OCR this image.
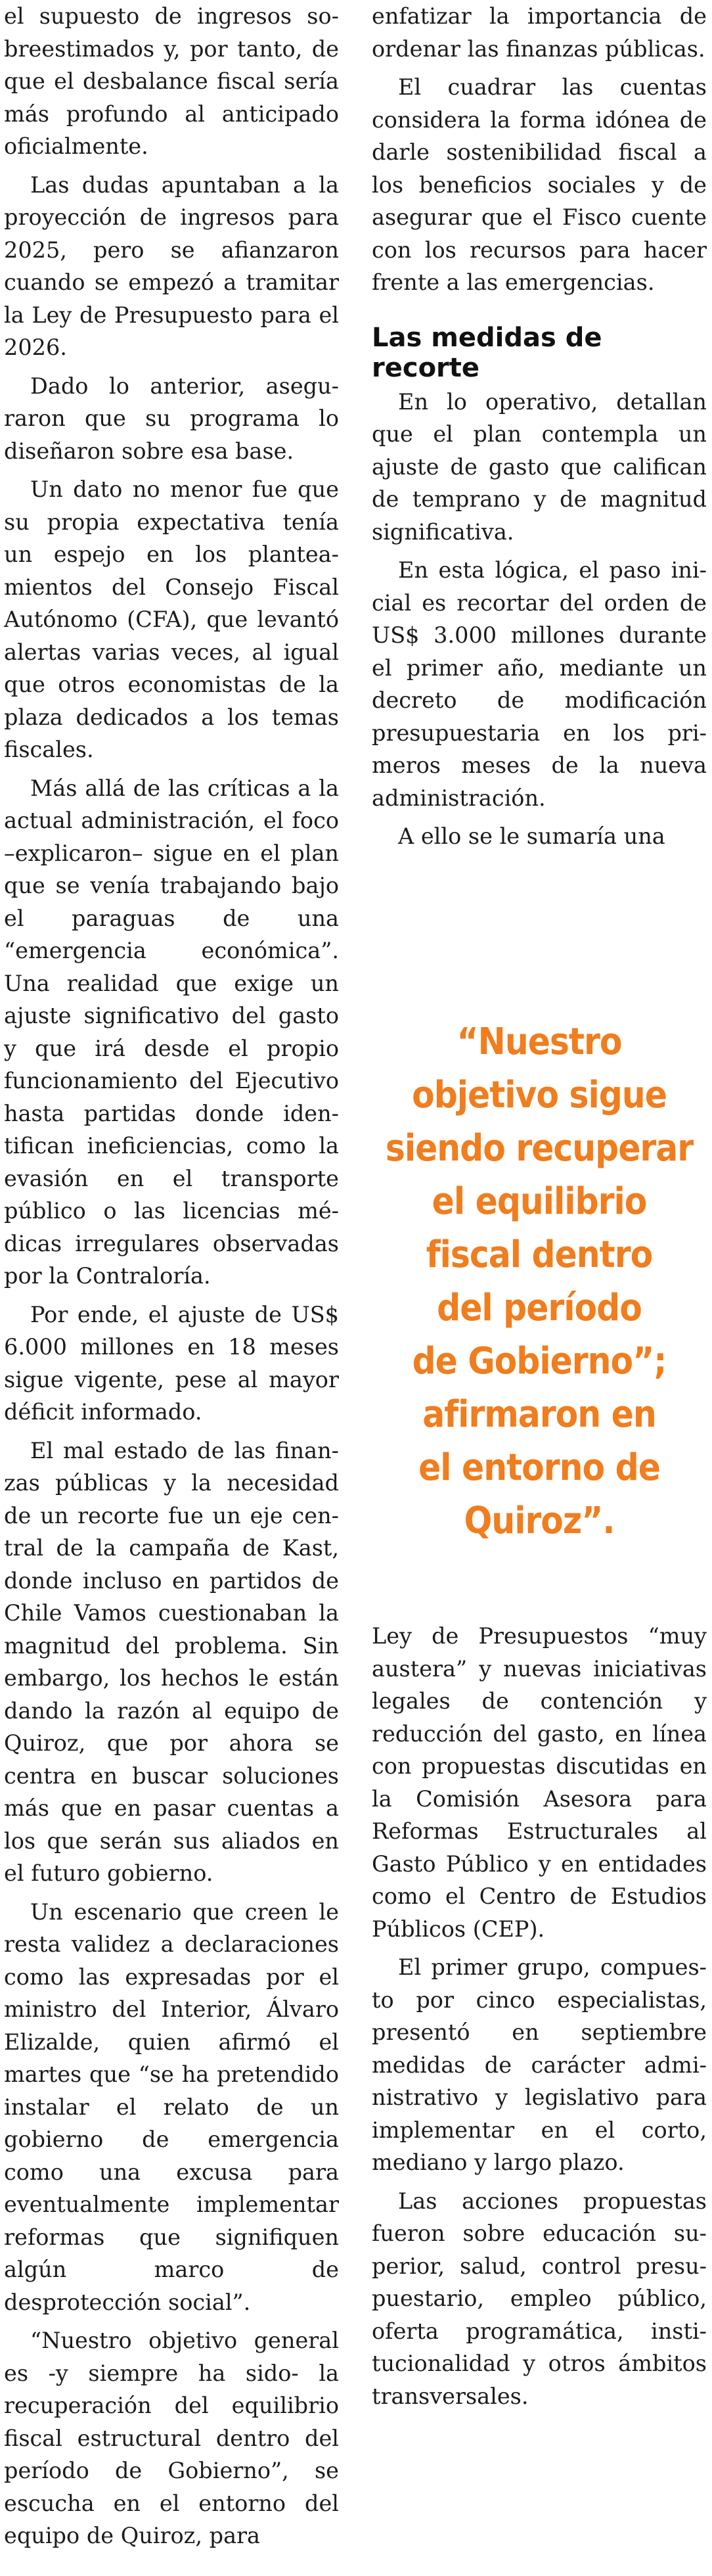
el supuesto de ingresos sobreestimados y, por tanto, de que el desbalance fiscal sería más profundo al anticipado oficialmente.

Las dudas apuntaban a la proyección de ingresos para 2025, pero se afianzaron cuando se empezó a tramitar la Ley de Presupuesto para el 2026.

Dado lo anterior, aseguraron que su programa lo diseñaron sobre esa base.

Un dato no menor fue que su propia expectativa tenía un espejo en los planteamientos del Consejo Fiscal Autónomo (CFA), que levantó alertas varias veces, al igual que otros economistas de la plaza dedicados a los temas fiscales.

Más allá de las críticas a la actual administración, el foco –explicaron– sigue en el plan que se venía trabajando bajo el paraguas de una “emergencia económica”. Una realidad que exige un ajuste significativo del gasto y que irá desde el propio funcionamiento del Ejecutivo hasta partidas donde identifican ineficiencias, como la evasión en el transporte público o las licencias médicas irregulares observadas por la Contraloría.

Por ende, el ajuste de US$ 6.000 millones en 18 meses sigue vigente, pese al mayor déficit informado.

El mal estado de las finanzas públicas y la necesidad de un recorte fue un eje central de la campaña de Kast, donde incluso en partidos de Chile Vamos cuestionaban la magnitud del problema. Sin embargo, los hechos le están dando la razón al equipo de Quiroz, que por ahora se centra en buscar soluciones más que en pasar cuentas a los que serán sus aliados en el futuro gobierno.

Un escenario que creen le resta validez a declaraciones como las expresadas por el ministro del Interior, Álvaro Elizalde, quien afirmó el martes que “se ha pretendido instalar el relato de un gobierno de emergencia como una excusa para eventualmente implementar reformas que signifiquen algún marco de desprotección social”.

“Nuestro objetivo general es -y siempre ha sido- la recuperación del equilibrio fiscal estructural dentro del período de Gobierno”, se escucha en el entorno del equipo de Quiroz, para

enfatizar la importancia de ordenar las finanzas públicas.

El cuadrar las cuentas considera la forma idónea de darle sostenibilidad fiscal a los beneficios sociales y de asegurar que el Fisco cuente con los recursos para hacer frente a las emergencias.

Las medidas de recorte

En lo operativo, detallan que el plan contempla un ajuste de gasto que califican de temprano y de magnitud significativa.

En esta lógica, el paso inicial es recortar del orden de US$ 3.000 millones durante el primer año, mediante un decreto de modificación presupuestaria en los primeros meses de la nueva administración.

A ello se le sumaría una

“Nuestro
objetivo sigue
siendo recuperar
el equilibrio
fiscal dentro
del período
de Gobierno”;
afirmaron en
el entorno de
Quiroz”.

Ley de Presupuestos “muy austera” y nuevas iniciativas legales de contención y reducción del gasto, en línea con propuestas discutidas en la Comisión Asesora para Reformas Estructurales al Gasto Público y en entidades como el Centro de Estudios Públicos (CEP).

El primer grupo, compuesto por cinco especialistas, presentó en septiembre medidas de carácter administrativo y legislativo para implementar en el corto, mediano y largo plazo.

Las acciones propuestas fueron sobre educación superior, salud, control presupuestario, empleo público, oferta programática, institucionalidad y otros ámbitos transversales.
